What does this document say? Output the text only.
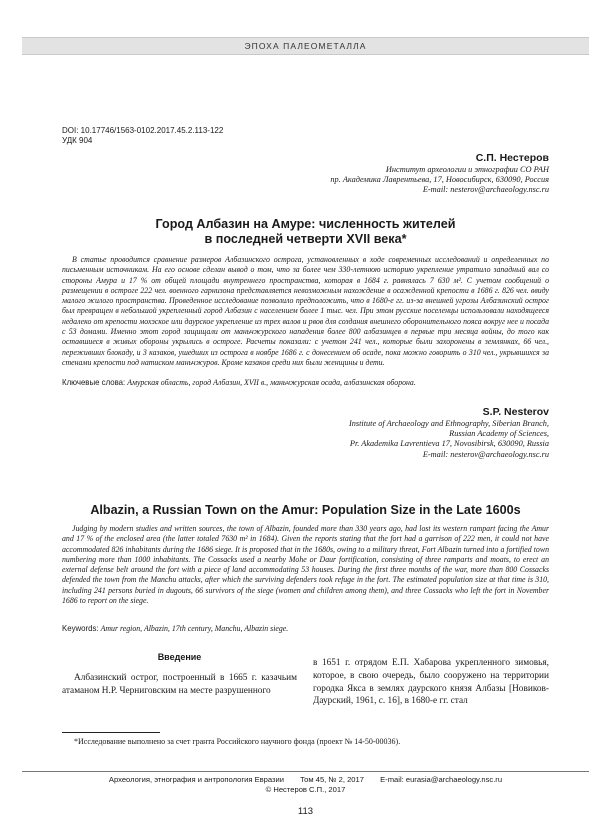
ЭПОХА ПАЛЕОМЕТАЛЛА
DOI: 10.17746/1563-0102.2017.45.2.113-122
УДК 904
С.П. Нестеров
Институт археологии и этнографии СО РАН
пр. Академика Лаврентьева, 17, Новосибирск, 630090, Россия
E-mail: nesterov@archaeology.nsc.ru
Город Албазин на Амуре: численность жителей
в последней четверти XVII века*

В статье проводится сравнение размеров Албазинского острога, установленных в ходе современных исследований и определенных по письменным источникам. На его основе сделан вывод о том, что за более чем 330-летнюю историю укрепление утратило западный вал со стороны Амура и 17 % от общей площади внутреннего пространства, которая в 1684 г. равнялась 7 630 м². С учетом сообщений о размещении в остроге 222 чел. военного гарнизона представляется невозможным нахождение в осажденной крепости в 1686 г. 826 чел. ввиду малого жилого пространства. Проведенное исследование позволило предположить, что в 1680-е гг. из-за внешней угрозы Албазинский острог был превращен в небольшой укрепленный город Албазин с населением более 1 тыс. чел. При этом русские поселенцы использовали находящееся недалеко от крепости мохэское или даурское укрепление из трех валов и рвов для создания внешнего оборонительного пояса вокруг нее и посада с 53 домами. Именно этот город защищали от маньчжурского нападения более 800 албазинцев в первые три месяца войны, до того как оставшиеся в живых обороны укрылись в остроге. Расчеты показали: с учетом 241 чел., которые были захоронены в землянках, 66 чел., переживших блокаду, и 3 казаков, ушедших из острога в ноябре 1686 г. с донесением об осаде, пока можно говорить о 310 чел., укрывшихся за стенами крепости под натиском маньчжуров. Кроме казаков среди них были женщины и дети.

Ключевые слова: Амурская область, город Албазин, XVII в., маньчжурская осада, албазинская оборона.
S.P. Nesterov
Institute of Archaeology and Ethnography, Siberian Branch,
Russian Academy of Sciences,
Pr. Akademika Lavrentieva 17, Novosibirsk, 630090, Russia
E-mail: nesterov@archaeology.nsc.ru
Albazin, a Russian Town on the Amur: Population Size in the Late 1600s

Judging by modern studies and written sources, the town of Albazin, founded more than 330 years ago, had lost its western rampart facing the Amur and 17 % of the enclosed area (the latter totaled 7630 m² in 1684). Given the reports stating that the fort had a garrison of 222 men, it could not have accommodated 826 inhabitants during the 1686 siege. It is proposed that in the 1680s, owing to a military threat, Fort Albazin turned into a fortified town numbering more than 1000 inhabitants. The Cossacks used a nearby Mohe or Daur fortification, consisting of three ramparts and moats, to erect an external defense belt around the fort with a piece of land accommodating 53 houses. During the first three months of the war, more than 800 Cossacks defended the town from the Manchu attacks, after which the surviving defenders took refuge in the fort. The estimated population size at that time is 310, including 241 persons buried in dugouts, 66 survivors of the siege (women and children among them), and three Cossacks who left the fort in November 1686 to report on the siege.

Keywords: Amur region, Albazin, 17th century, Manchu, Albazin siege.
Введение

Албазинский острог, построенный в 1665 г. казачьим атаманом Н.Р. Черниговским на месте разрушенного

в 1651 г. отрядом Е.П. Хабарова укрепленного зимовья, которое, в свою очередь, было сооружено на территории городка Якса в землях даурского князя Албазы [Новиков-Даурский, 1961, с. 16], в 1680-е гг. стал

*Исследование выполнено за счет гранта Российского научного фонда (проект № 14-50-00036).

Археология, этнография и антропология Евразии Том 45, № 2, 2017 E-mail: eurasia@archaeology.nsc.ru
© Нестеров С.П., 2017
113
